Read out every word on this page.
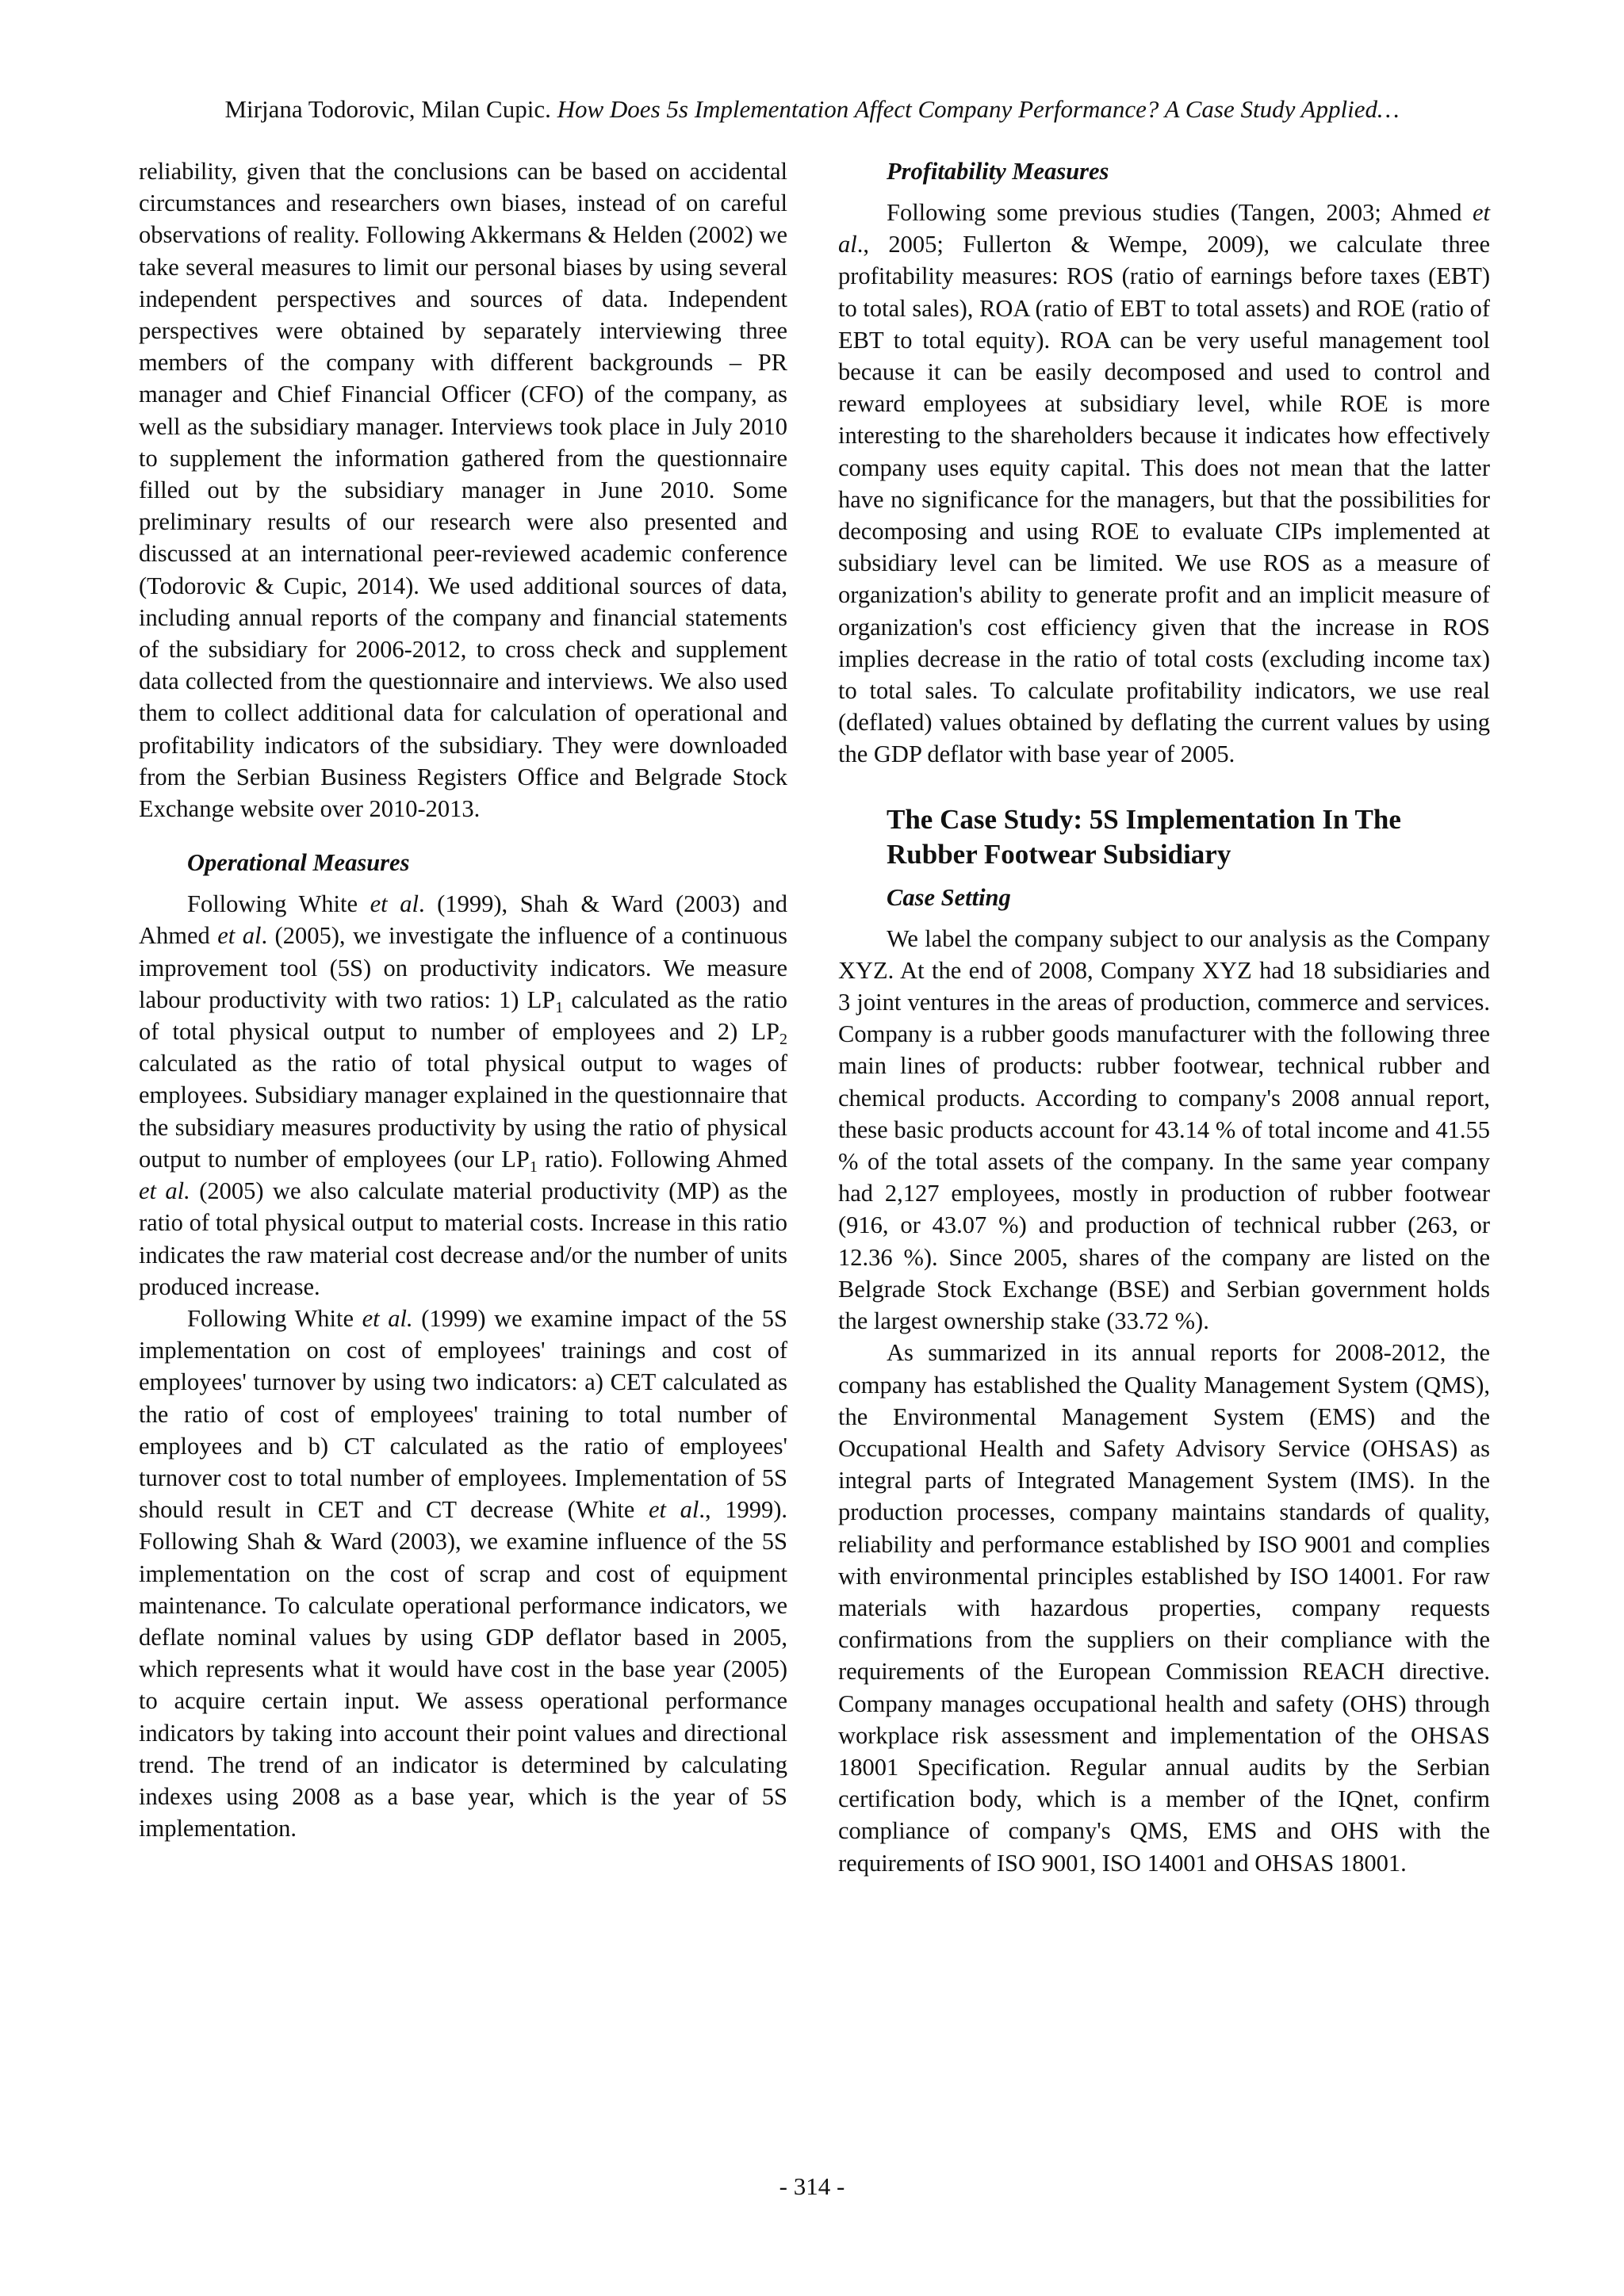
Mirjana Todorovic, Milan Cupic. How Does 5s Implementation Affect Company Performance? A Case Study Applied…

reliability, given that the conclusions can be based on accidental circumstances and researchers own biases, instead of on careful observations of reality. Following Akkermans & Helden (2002) we take several measures to limit our personal biases by using several independent perspectives and sources of data. Independent perspectives were obtained by separately interviewing three members of the company with different backgrounds – PR manager and Chief Financial Officer (CFO) of the company, as well as the subsidiary manager. Interviews took place in July 2010 to supplement the information gathered from the questionnaire filled out by the subsidiary manager in June 2010. Some preliminary results of our research were also presented and discussed at an international peer-reviewed academic conference (Todorovic & Cupic, 2014). We used additional sources of data, including annual reports of the company and financial statements of the subsidiary for 2006-2012, to cross check and supplement data collected from the questionnaire and interviews. We also used them to collect additional data for calculation of operational and profitability indicators of the subsidiary. They were downloaded from the Serbian Business Registers Office and Belgrade Stock Exchange website over 2010-2013.

Operational Measures

Following White et al. (1999), Shah & Ward (2003) and Ahmed et al. (2005), we investigate the influence of a continuous improvement tool (5S) on productivity indicators. We measure labour productivity with two ratios: 1) $LP_1$ calculated as the ratio of total physical output to number of employees and 2) $LP_2$ calculated as the ratio of total physical output to wages of employees. Subsidiary manager explained in the questionnaire that the subsidiary measures productivity by using the ratio of physical output to number of employees (our $LP_1$ ratio). Following Ahmed et al. (2005) we also calculate material productivity (MP) as the ratio of total physical output to material costs. Increase in this ratio indicates the raw material cost decrease and/or the number of units produced increase.

Following White et al. (1999) we examine impact of the 5S implementation on cost of employees' trainings and cost of employees' turnover by using two indicators: a) CET calculated as the ratio of cost of employees' training to total number of employees and b) CT calculated as the ratio of employees' turnover cost to total number of employees. Implementation of 5S should result in CET and CT decrease (White et al., 1999). Following Shah & Ward (2003), we examine influence of the 5S implementation on the cost of scrap and cost of equipment maintenance. To calculate operational performance indicators, we deflate nominal values by using GDP deflator based in 2005, which represents what it would have cost in the base year (2005) to acquire certain input. We assess operational performance indicators by taking into account their point values and directional trend. The trend of an indicator is determined by calculating indexes using 2008 as a base year, which is the year of 5S implementation.

Profitability Measures

Following some previous studies (Tangen, 2003; Ahmed et al., 2005; Fullerton & Wempe, 2009), we calculate three profitability measures: ROS (ratio of earnings before taxes (EBT) to total sales), ROA (ratio of EBT to total assets) and ROE (ratio of EBT to total equity). ROA can be very useful management tool because it can be easily decomposed and used to control and reward employees at subsidiary level, while ROE is more interesting to the shareholders because it indicates how effectively company uses equity capital. This does not mean that the latter have no significance for the managers, but that the possibilities for decomposing and using ROE to evaluate CIPs implemented at subsidiary level can be limited. We use ROS as a measure of organization's ability to generate profit and an implicit measure of organization's cost efficiency given that the increase in ROS implies decrease in the ratio of total costs (excluding income tax) to total sales. To calculate profitability indicators, we use real (deflated) values obtained by deflating the current values by using the GDP deflator with base year of 2005.

The Case Study: 5S Implementation In The Rubber Footwear Subsidiary
Case Setting

We label the company subject to our analysis as the Company XYZ. At the end of 2008, Company XYZ had 18 subsidiaries and 3 joint ventures in the areas of production, commerce and services. Company is a rubber goods manufacturer with the following three main lines of products: rubber footwear, technical rubber and chemical products. According to company's 2008 annual report, these basic products account for 43.14 % of total income and 41.55 % of the total assets of the company. In the same year company had 2,127 employees, mostly in production of rubber footwear (916, or 43.07 %) and production of technical rubber (263, or 12.36 %). Since 2005, shares of the company are listed on the Belgrade Stock Exchange (BSE) and Serbian government holds the largest ownership stake (33.72 %).

As summarized in its annual reports for 2008-2012, the company has established the Quality Management System (QMS), the Environmental Management System (EMS) and the Occupational Health and Safety Advisory Service (OHSAS) as integral parts of Integrated Management System (IMS). In the production processes, company maintains standards of quality, reliability and performance established by ISO 9001 and complies with environmental principles established by ISO 14001. For raw materials with hazardous properties, company requests confirmations from the suppliers on their compliance with the requirements of the European Commission REACH directive. Company manages occupational health and safety (OHS) through workplace risk assessment and implementation of the OHSAS 18001 Specification. Regular annual audits by the Serbian certification body, which is a member of the IQnet, confirm compliance of company's QMS, EMS and OHS with the requirements of ISO 9001, ISO 14001 and OHSAS 18001.

- 314 -
